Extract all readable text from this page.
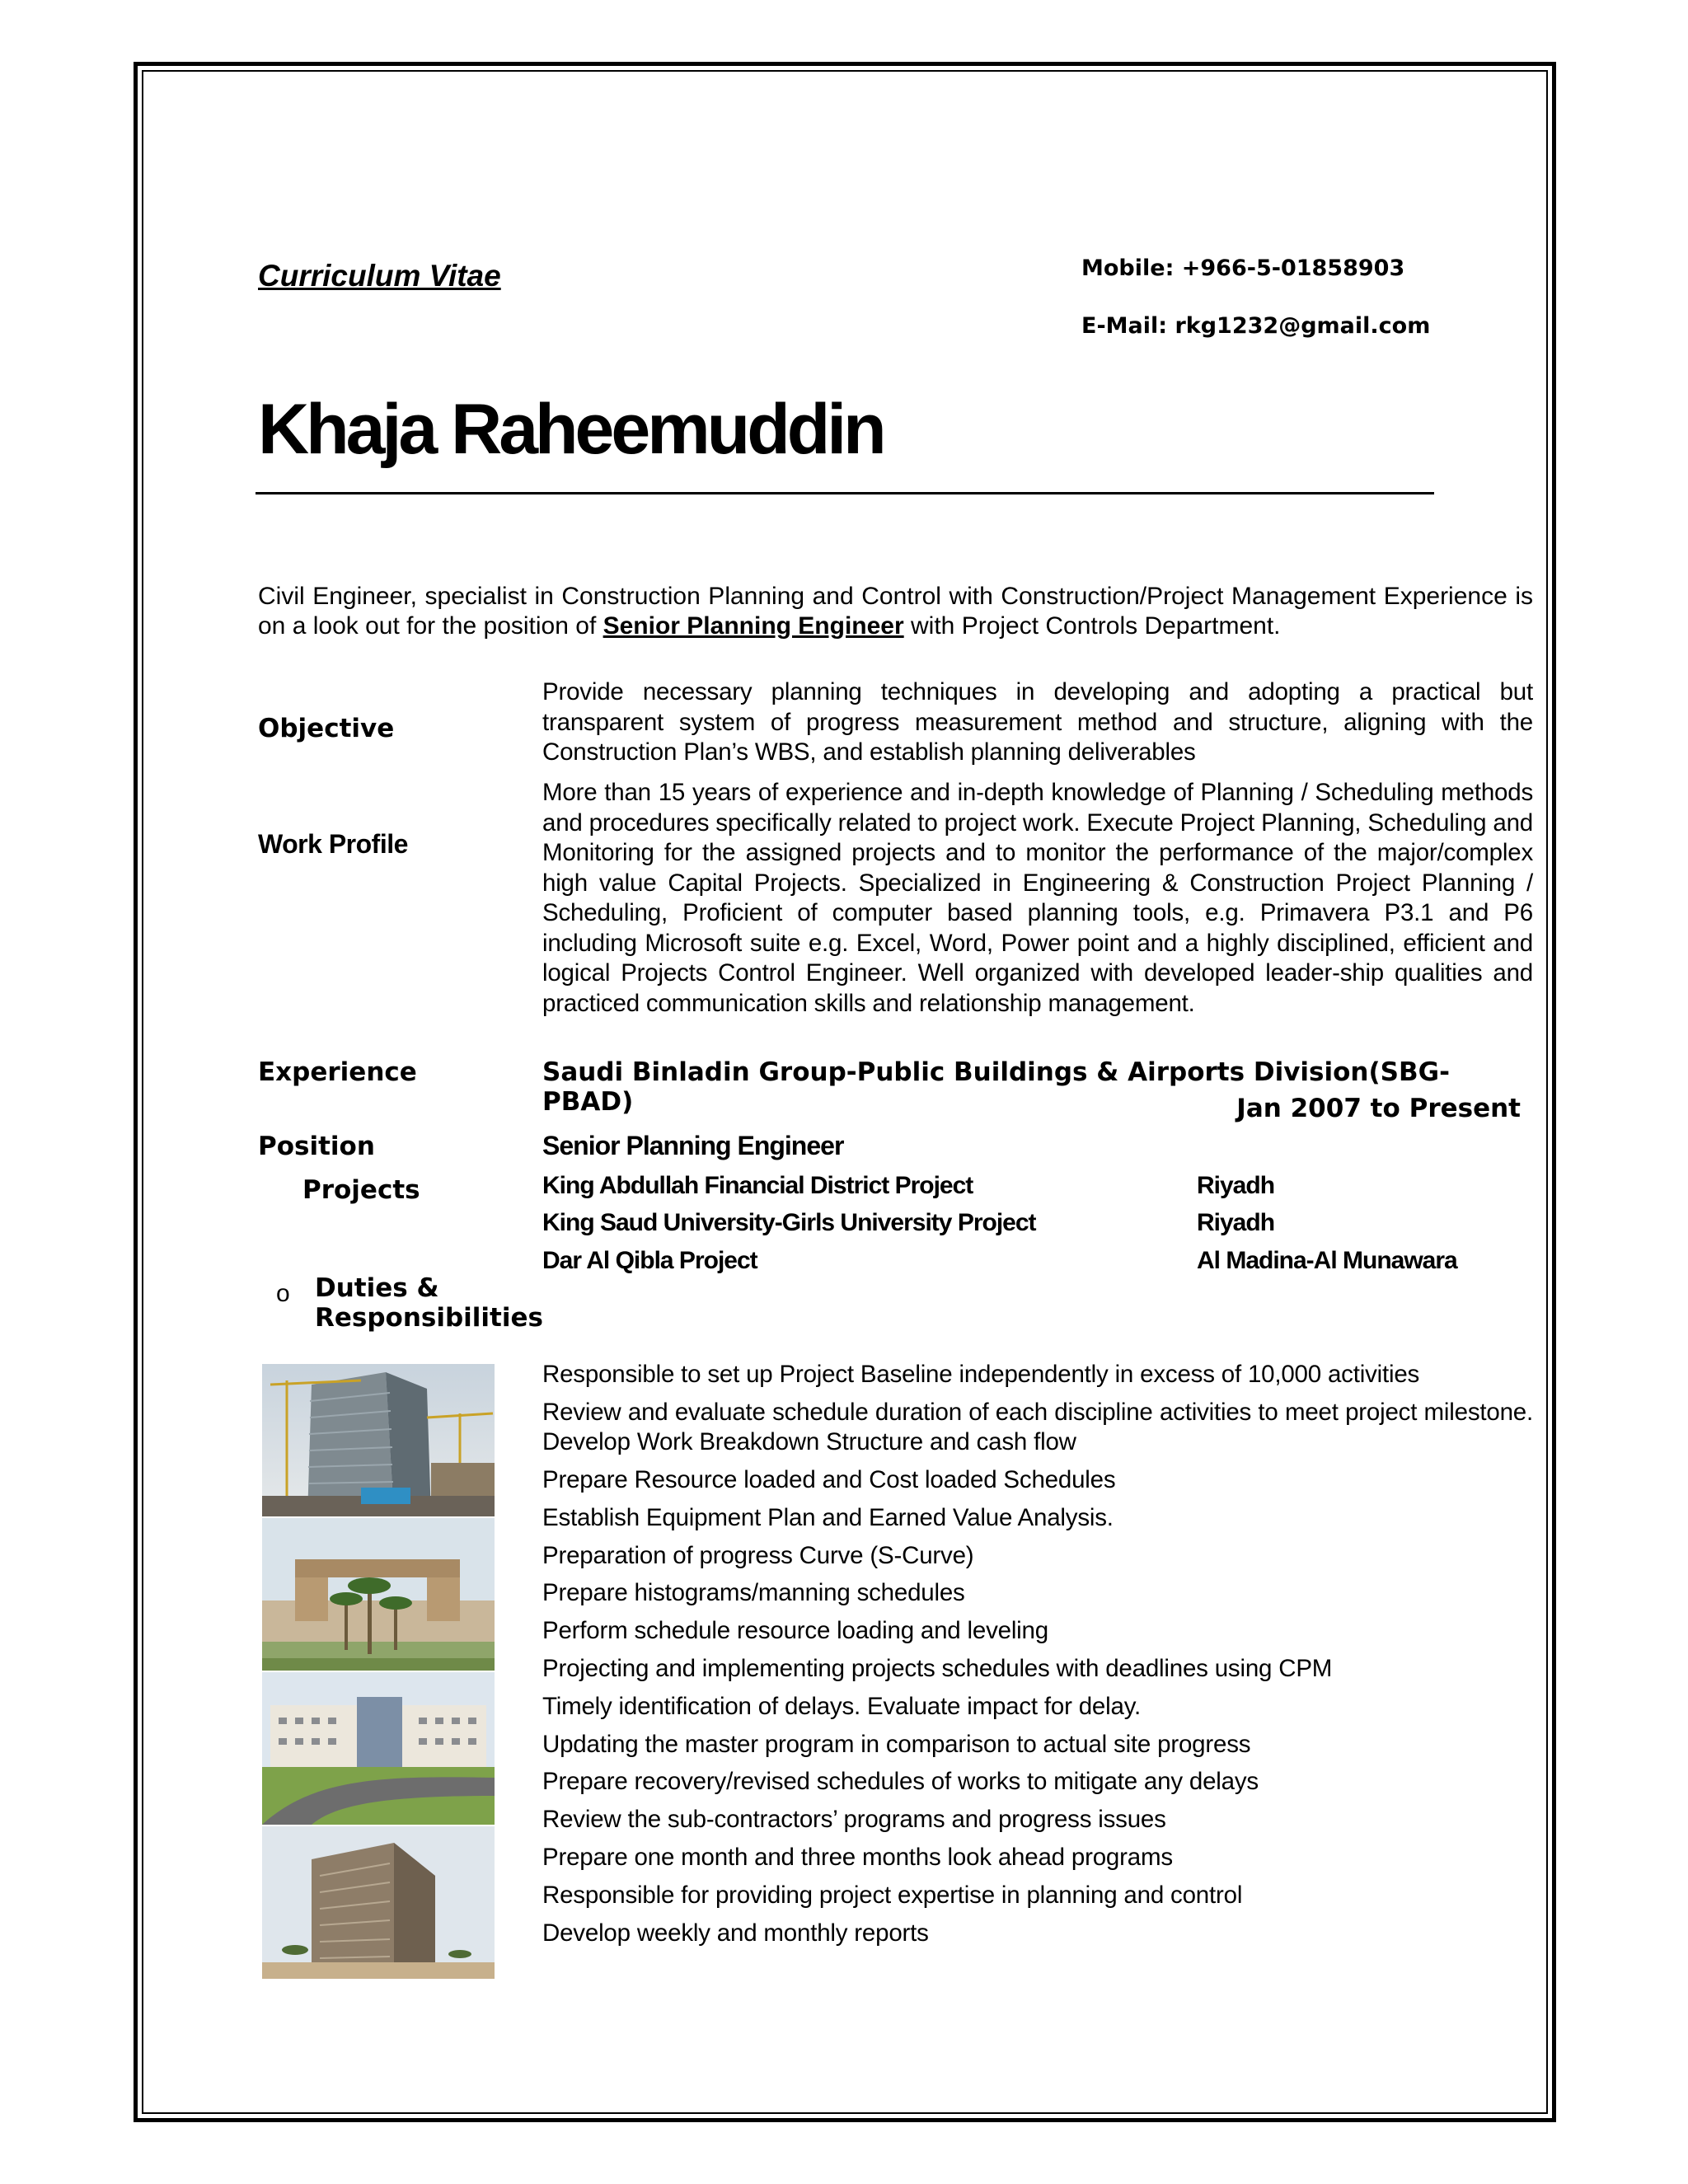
Curriculum Vitae	Mobile: +966-5-01858903
E-Mail: rkg1232@gmail.com
Khaja Raheemuddin
Civil Engineer, specialist in Construction Planning and Control with Construction/Project Management Experience is on a look out for the position of Senior Planning Engineer with Project Controls Department.
Objective
Provide necessary planning techniques in developing and adopting a practical but transparent system of progress measurement method and structure, aligning with the Construction Plan’s WBS, and establish planning deliverables
Work Profile
More than 15 years of experience and in-depth knowledge of Planning / Scheduling methods and procedures specifically related to project work. Execute Project Planning, Scheduling and Monitoring for the assigned projects and to monitor the performance of the major/complex high value Capital Projects. Specialized in Engineering & Construction Project Planning / Scheduling, Proficient of computer based planning tools, e.g. Primavera P3.1 and P6 including Microsoft suite e.g. Excel, Word, Power point and a highly disciplined, efficient and logical Projects Control Engineer. Well organized with developed leader-ship qualities and practiced communication skills and relationship management.
Experience	Saudi Binladin Group-Public Buildings & Airports Division(SBG-PBAD)	Jan 2007 to Present
Position	Senior Planning Engineer
Projects	King Abdullah Financial District Project	Riyadh
King Saud University-Girls University Project	Riyadh
Dar Al Qibla Project	Al Madina-Al Munawara
o Duties &
Responsibilities
Responsible to set up Project Baseline independently in excess of 10,000 activities
Review and evaluate schedule duration of each discipline activities to meet project milestone. Develop Work Breakdown Structure and cash flow
Prepare Resource loaded and Cost loaded Schedules
Establish Equipment Plan and Earned Value Analysis.
Preparation of progress Curve (S-Curve)
Prepare histograms/manning schedules
Perform schedule resource loading and leveling
Projecting and implementing projects schedules with deadlines using CPM
Timely identification of delays. Evaluate impact for delay.
Updating the master program in comparison to actual site progress
Prepare recovery/revised schedules of works to mitigate any delays
Review the sub-contractors’ programs and progress issues
Prepare one month and three months look ahead programs
Responsible for providing project expertise in planning and control
Develop weekly and monthly reports
